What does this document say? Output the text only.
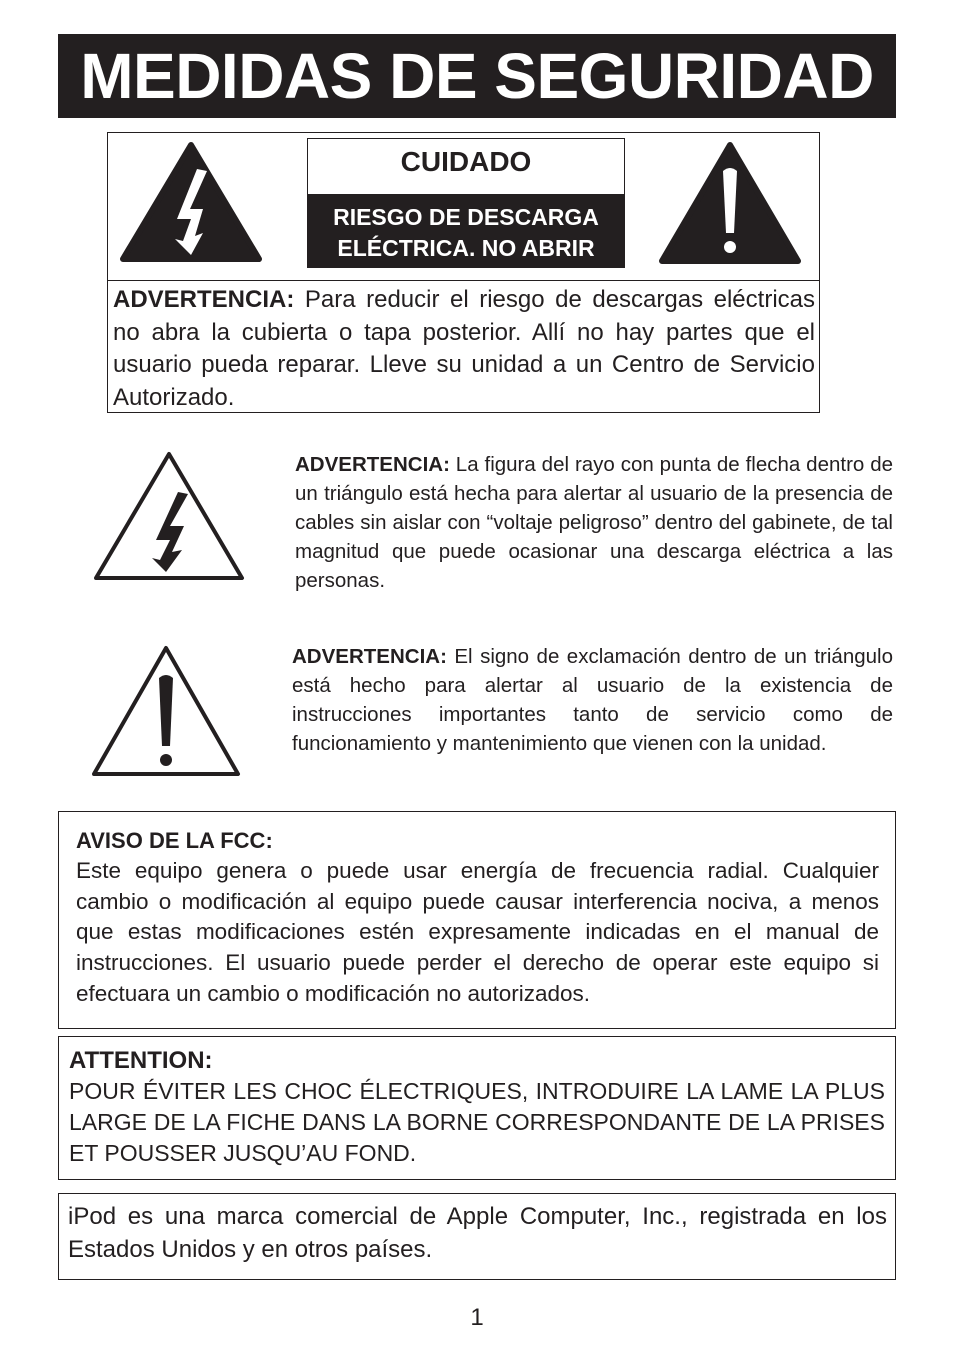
MEDIDAS DE SEGURIDAD
CUIDADO
RIESGO DE DESCARGA
ELÉCTRICA. NO ABRIR
ADVERTENCIA: Para reducir el riesgo de descargas eléctricas no abra la cubierta o tapa posterior. Allí no hay partes que el usuario pueda reparar. Lleve su unidad a un Centro de Servicio Autorizado.
ADVERTENCIA: La figura del rayo con punta de flecha dentro de un triángulo está hecha para alertar al usuario de la presencia de cables sin aislar con “voltaje peligroso” dentro del gabinete, de tal magnitud que puede ocasionar una descarga eléctrica a las personas.
ADVERTENCIA: El signo de exclamación dentro de un triángulo está hecho para alertar al usuario de la existencia de instrucciones importantes tanto de servicio como de funcionamiento y mantenimiento que vienen con la unidad.
AVISO DE LA FCC:
Este equipo genera o puede usar energía de frecuencia radial. Cualquier cambio o modificación al equipo puede causar interferencia nociva, a menos que estas modificaciones estén expresamente indicadas en el manual de instrucciones. El usuario puede perder el derecho de operar este equipo si efectuara un cambio o modificación no autorizados.
ATTENTION:
POUR ÉVITER LES CHOC ÉLECTRIQUES, INTRODUIRE LA LAME LA PLUS LARGE DE LA FICHE DANS LA BORNE CORRESPONDANTE DE LA PRISES ET POUSSER JUSQU’AU FOND.
iPod es una marca comercial de Apple Computer, Inc., registrada en los Estados Unidos y en otros países.
1
